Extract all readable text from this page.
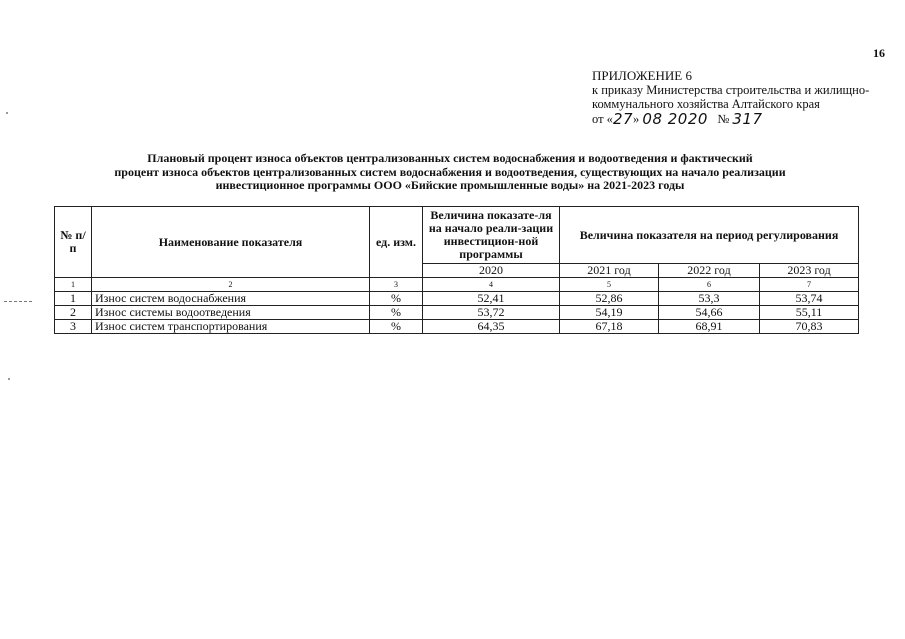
16
ПРИЛОЖЕНИЕ 6
к приказу Министерства строительства и жилищно-
коммунального хозяйства Алтайского края
от «27» 08 2020 № 317
Плановый процент износа объектов централизованных систем водоснабжения и водоотведения и фактический
процент износа объектов централизованных систем водоснабжения и водоотведения, существующих на начало реализации
инвестиционное программы ООО «Бийские промышленные воды» на 2021-2023 годы
№ п/п	Наименование показателя	ед. изм.	Величина показате-ля на начало реали-зации инвестицион-ной программы	Величина показателя на период регулирования		
			2020	2021 год	2022 год	2023 год
1	2	3	4	5	6	7
1	Износ систем водоснабжения	%	52,41	52,86	53,3	53,74
2	Износ системы водоотведения	%	53,72	54,19	54,66	55,11
3	Износ систем транспортирования	%	64,35	67,18	68,91	70,83
